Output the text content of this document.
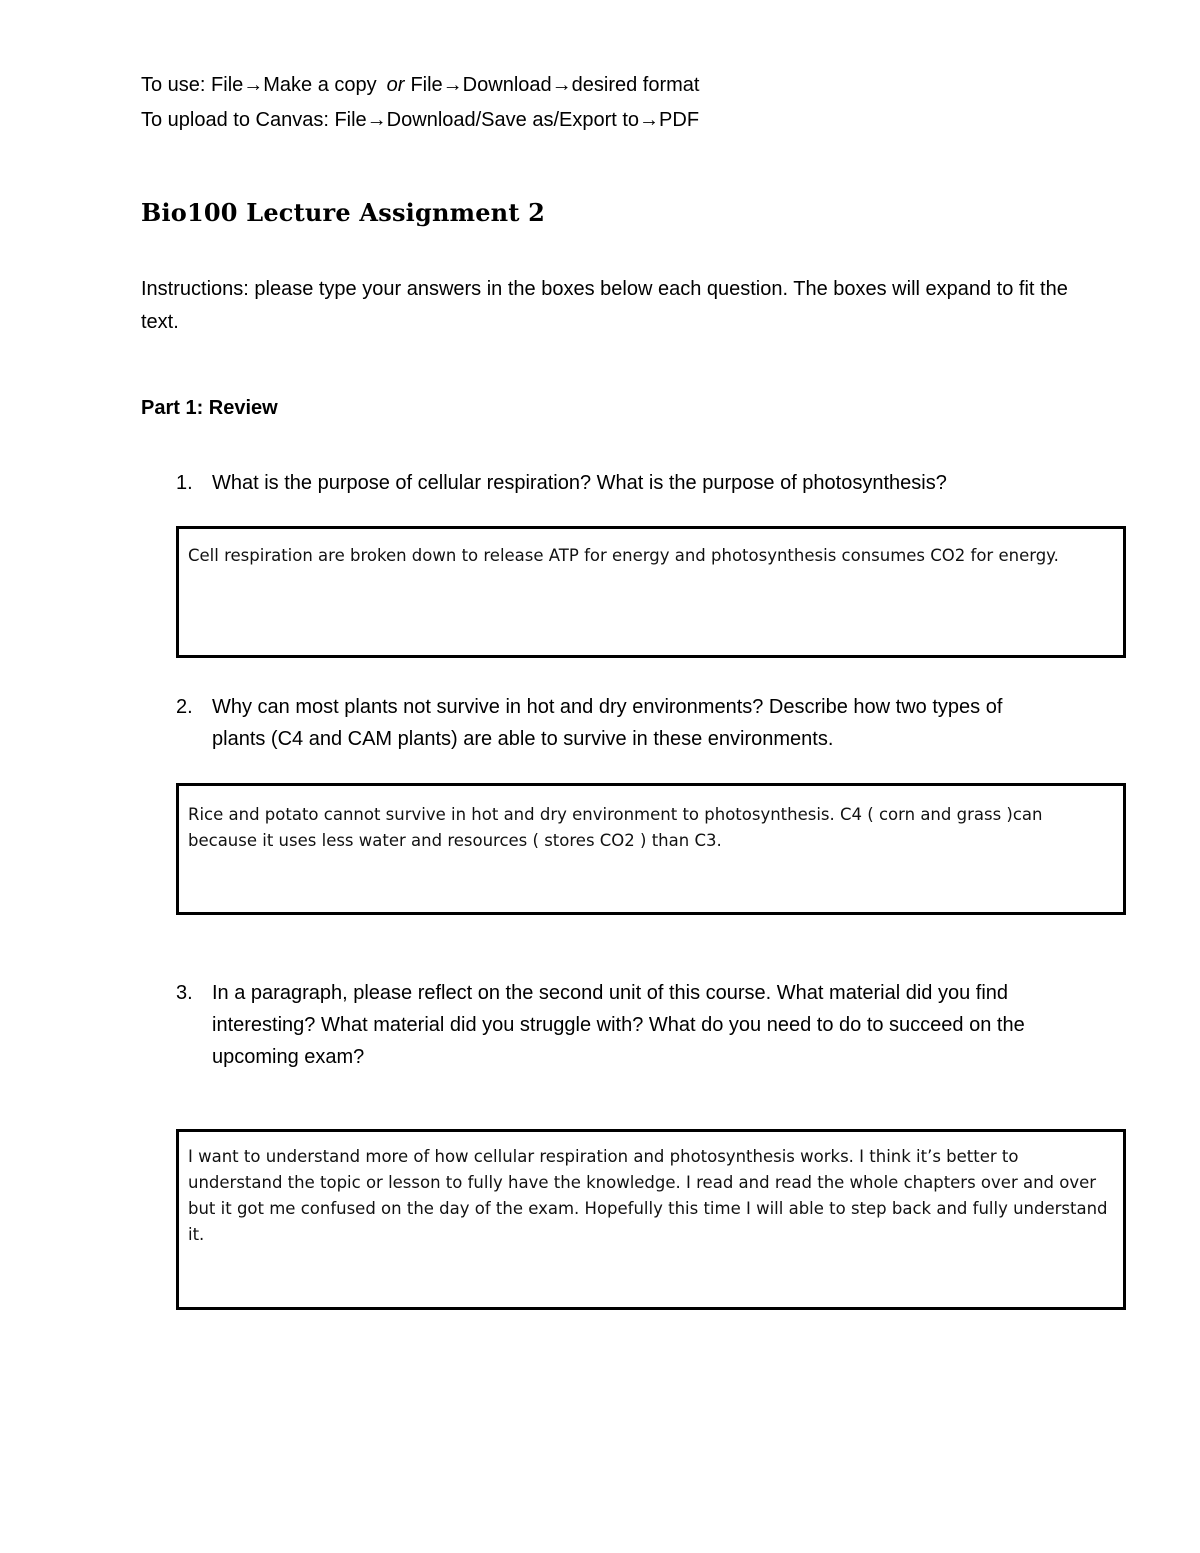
To use: File→Make a copy or File→Download→desired format
To upload to Canvas: File→Download/Save as/Export to→PDF
Bio100 Lecture Assignment 2
Instructions: please type your answers in the boxes below each question. The boxes will expand to fit the text.
Part 1: Review
1. What is the purpose of cellular respiration? What is the purpose of photosynthesis?
Cell respiration are broken down to release ATP for energy and photosynthesis consumes CO2 for energy.
2. Why can most plants not survive in hot and dry environments? Describe how two types of plants (C4 and CAM plants) are able to survive in these environments.
Rice and potato cannot survive in hot and dry environment to photosynthesis. C4 ( corn and grass )can because it uses less water and resources ( stores CO2 ) than C3.
3. In a paragraph, please reflect on the second unit of this course. What material did you find interesting? What material did you struggle with? What do you need to do to succeed on the upcoming exam?
I want to understand more of how cellular respiration and photosynthesis works. I think it’s better to understand the topic or lesson to fully have the knowledge. I read and read the whole chapters over and over but it got me confused on the day of the exam. Hopefully this time I will able to step back and fully understand it.
